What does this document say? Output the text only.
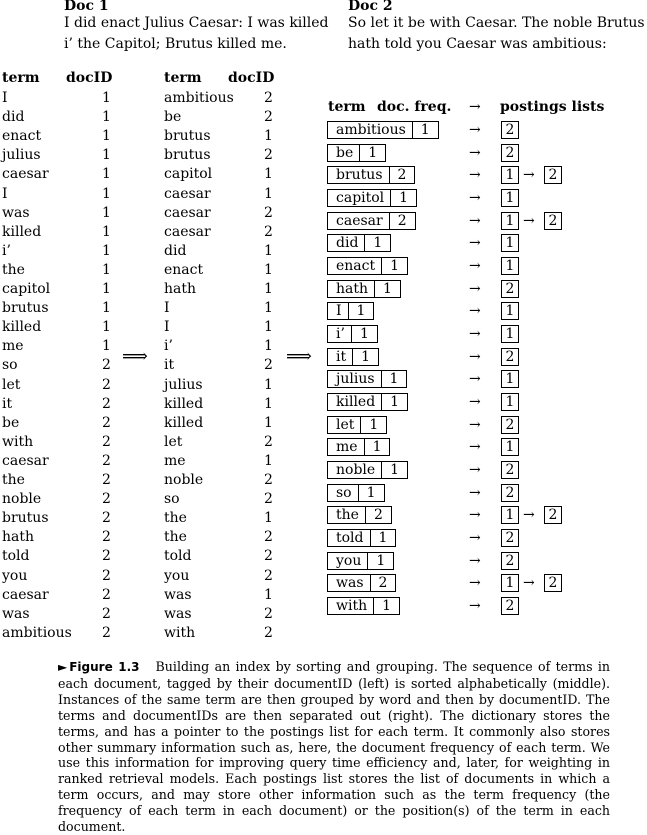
Doc 1
I did enact Julius Caesar: I was killed
i’ the Capitol; Brutus killed me.
Doc 2
So let it be with Caesar. The noble Brutus
hath told you Caesar was ambitious:
term docID
I	1
did	1
enact	1
julius	1
caesar	1
I	1
was	1
killed	1
i’	1
the	1
capitol	1
brutus	1
killed	1
me	1
so	2
let	2
it	2
be	2
with	2
caesar	2
the	2
noble	2
brutus	2
hath	2
told	2
you	2
caesar	2
was	2
ambitious 2
term docID
ambitious 2
be	2
brutus	1
brutus	2
capitol	1
caesar	1
caesar	2
caesar	2
did	1
enact	1
hath	1
I	1
I	1
i’	1
it	2
julius	1
killed	1
killed	1
let	2
me	1
noble	2
so	2
the	1
the	2
told	2
you	2
was	1
was	2
with	2
⟹	⟹
term doc. freq. → postings lists
ambitious 1	→	2
be 1	→	2
brutus 2	→	1 → 2
capitol 1	→	1
caesar 2	→	1 → 2
did 1	→	1
enact 1	→	1
hath 1	→	2
I 1	→	1
i’ 1	→	1
it 1	→	2
julius 1	→	1
killed 1	→	1
let 1	→	2
me 1	→	1
noble 1	→	2
so 1	→	2
the 2	→	1 → 2
told 1	→	2
you 1	→	2
was 2	→	1 → 2
with 1	→	2
► Figure 1.3 Building an index by sorting and grouping. The sequence of terms in each document, tagged by their documentID (left) is sorted alphabetically (middle). Instances of the same term are then grouped by word and then by documentID. The terms and documentIDs are then separated out (right). The dictionary stores the terms, and has a pointer to the postings list for each term. It commonly also stores other summary information such as, here, the document frequency of each term. We use this information for improving query time efficiency and, later, for weighting in ranked retrieval models. Each postings list stores the list of documents in which a term occurs, and may store other information such as the term frequency (the frequency of each term in each document) or the position(s) of the term in each document.
